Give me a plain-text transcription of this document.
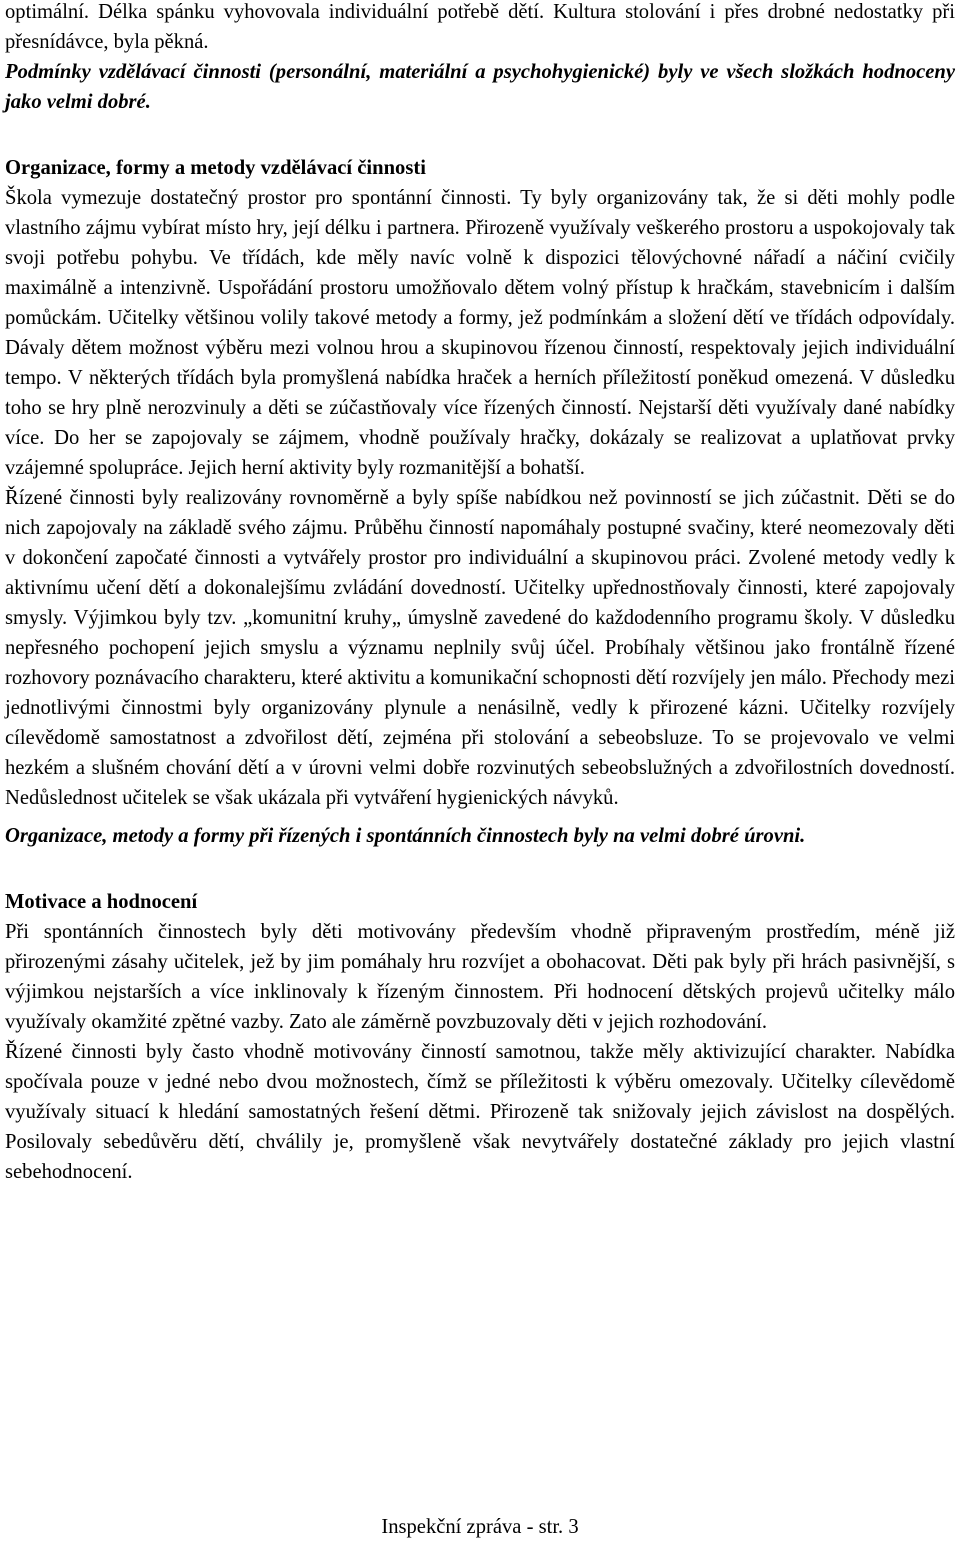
optimální. Délka spánku vyhovovala individuální potřebě dětí. Kultura stolování i přes drobné nedostatky při přesnídávce, byla pěkná.

Podmínky vzdělávací činnosti (personální, materiální a psychohygienické) byly ve všech složkách hodnoceny jako velmi dobré.

Organizace, formy a metody vzdělávací činnosti

Škola vymezuje dostatečný prostor pro spontánní činnosti. Ty byly organizovány tak, že si děti mohly podle vlastního zájmu vybírat místo hry, její délku i partnera. Přirozeně využívaly veškerého prostoru a uspokojovaly tak svoji potřebu pohybu. Ve třídách, kde měly navíc volně k dispozici tělovýchovné nářadí a náčiní cvičily maximálně a intenzivně. Uspořádání prostoru umožňovalo dětem volný přístup k hračkám, stavebnicím i dalším pomůckám. Učitelky většinou volily takové metody a formy, jež podmínkám a složení dětí ve třídách odpovídaly. Dávaly dětem možnost výběru mezi volnou hrou a skupinovou řízenou činností, respektovaly jejich individuální tempo. V některých třídách byla promyšlená nabídka hraček a herních příležitostí poněkud omezená. V důsledku toho se hry plně nerozvinuly a děti se zúčastňovaly více řízených činností. Nejstarší děti využívaly dané nabídky více. Do her se zapojovaly se zájmem, vhodně používaly hračky, dokázaly se realizovat a uplatňovat prvky vzájemné spolupráce. Jejich herní aktivity byly rozmanitější a bohatší.

Řízené činnosti byly realizovány rovnoměrně a byly spíše nabídkou než povinností se jich zúčastnit. Děti se do nich zapojovaly na základě svého zájmu. Průběhu činností napomáhaly postupné svačiny, které neomezovaly děti v dokončení započaté činnosti a vytvářely prostor pro individuální a skupinovou práci. Zvolené metody vedly k aktivnímu učení dětí a dokonalejšímu zvládání dovedností. Učitelky upřednostňovaly činnosti, které zapojovaly smysly. Výjimkou byly tzv. „komunitní kruhy„ úmyslně zavedené do každodenního programu školy. V důsledku nepřesného pochopení jejich smyslu a významu neplnily svůj účel. Probíhaly většinou jako frontálně řízené rozhovory poznávacího charakteru, které aktivitu a komunikační schopnosti dětí rozvíjely jen málo. Přechody mezi jednotlivými činnostmi byly organizovány plynule a nenásilně, vedly k přirozené kázni. Učitelky rozvíjely cílevědomě samostatnost a zdvořilost dětí, zejména při stolování a sebeobsluze. To se projevovalo ve velmi hezkém a slušném chování dětí a v úrovni velmi dobře rozvinutých sebeobslužných a zdvořilostních dovedností. Nedůslednost učitelek se však ukázala při vytváření hygienických návyků.

Organizace, metody a formy při řízených i spontánních činnostech byly na velmi dobré úrovni.

Motivace a hodnocení

Při spontánních činnostech byly děti motivovány především vhodně připraveným prostředím, méně již přirozenými zásahy učitelek, jež by jim pomáhaly hru rozvíjet a obohacovat. Děti pak byly při hrách pasivnější, s výjimkou nejstarších a více inklinovaly k řízeným činnostem. Při hodnocení dětských projevů učitelky málo využívaly okamžité zpětné vazby. Zato ale záměrně povzbuzovaly děti v jejich rozhodování.

Řízené činnosti byly často vhodně motivovány činností samotnou, takže měly aktivizující charakter. Nabídka spočívala pouze v jedné nebo dvou možnostech, čímž se příležitosti k výběru omezovaly. Učitelky cílevědomě využívaly situací k hledání samostatných řešení dětmi. Přirozeně tak snižovaly jejich závislost na dospělých. Posilovaly sebedůvěru dětí, chválily je, promyšleně však nevytvářely dostatečné základy pro jejich vlastní sebehodnocení.

Inspekční zpráva - str. 3
